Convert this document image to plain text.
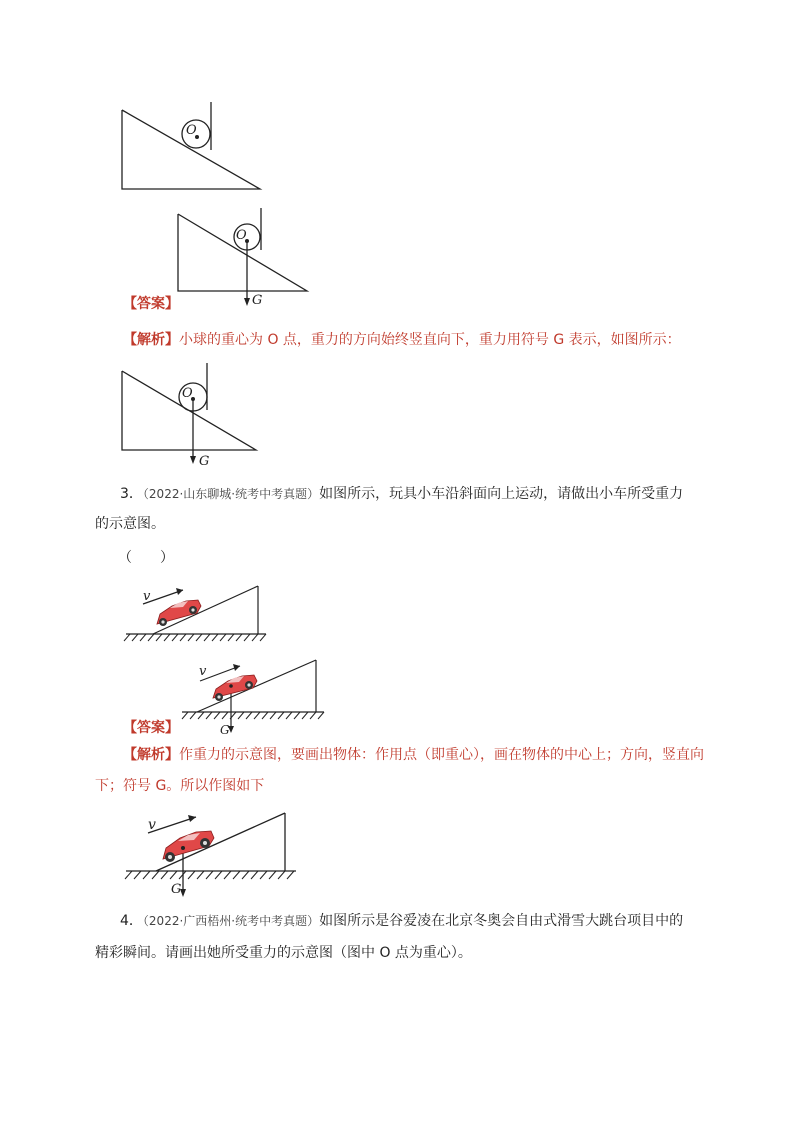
O
O
G
【答案】
【解析】小球的重心为 O 点，重力的方向始终竖直向下，重力用符号 G 表示，如图所示：
O
G
3．（2022·山东聊城·统考中考真题）如图所示，玩具小车沿斜面向上运动，请做出小车所受重力
的示意图。
（　　）
v
v
G
【答案】
【解析】作重力的示意图，要画出物体：作用点（即重心），画在物体的中心上；方向，竖直向
下；符号 G。所以作图如下
v
G
4．（2022·广西梧州·统考中考真题）如图所示是谷爱凌在北京冬奥会自由式滑雪大跳台项目中的
精彩瞬间。请画出她所受重力的示意图（图中 O 点为重心）。
